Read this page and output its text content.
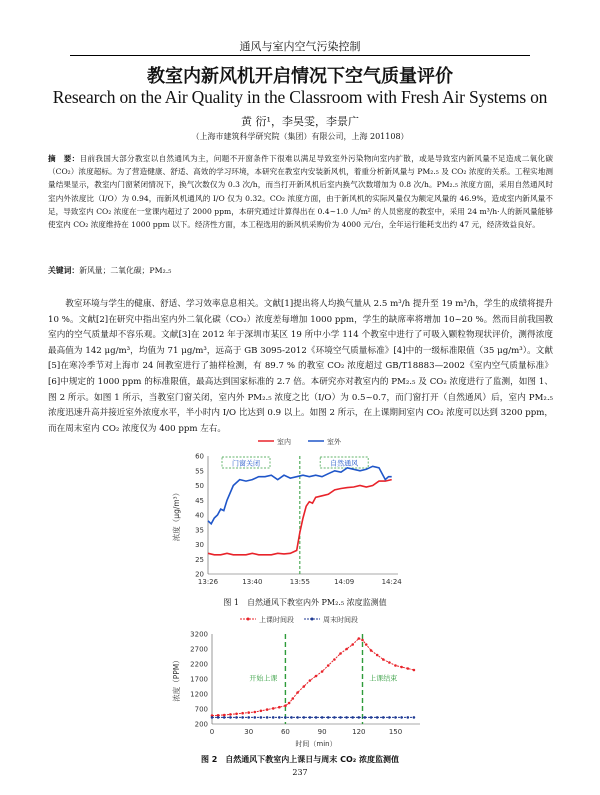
通风与室内空气污染控制
教室内新风机开启情况下空气质量评价
Research on the Air Quality in the Classroom with Fresh Air Systems on
黄 衍¹，李昊雯，李景广
（上海市建筑科学研究院（集团）有限公司，上海 201108）
摘　要：目前我国大部分教室以自然通风为主，问题不开窗条件下很难以满足导致室外污染物向室内扩散，或是导致室内新风量不足造成二氧化碳（CO₂）浓度超标。为了营造健康、舒适、高效的学习环境，本研究在教室内安装新风机，着重分析新风量与 PM₂.₅ 及 CO₂ 浓度的关系。工程实地测量结果显示，教室内门窗紧闭情况下，换气次数仅为 0.3 次/h，而当打开新风机后室内换气次数增加为 0.8 次/h。PM₂.₅ 浓度方面，采用自然通风时室内外浓度比（I/O）为 0.94，而新风机通风的 I/O 仅为 0.32。CO₂ 浓度方面，由于新风机的实际风量仅为额定风量的 46.9%，造成室内新风量不足，导致室内 CO₂ 浓度在一堂课内超过了 2000 ppm，本研究通过计算得出在 0.4~1.0 人/m² 的人员密度的教室中，采用 24 m³/h·人的新风量能够使室内 CO₂ 浓度维持在 1000 ppm 以下。经济性方面，本工程选用的新风机采购价为 4000 元/台，全年运行能耗支出约 47 元，经济效益良好。
关键词：新风量；二氧化碳；PM₂.₅
教室环境与学生的健康、舒适、学习效率息息相关。文献[1]提出将人均换气量从 2.5 m³/h 提升至 19 m³/h，学生的成绩将提升 10 %。文献[2]在研究中指出室内外二氧化碳（CO₂）浓度差每增加 1000 ppm，学生的缺席率将增加 10~20 %。然而目前我国教室内的空气质量却不容乐观。文献[3]在 2012 年于深圳市某区 19 所中小学 114 个教室中进行了可吸入颗粒物现状评价，测得浓度最高值为 142 μg/m³，均值为 71 μg/m³，远高于 GB 3095-2012《环境空气质量标准》[4]中的一级标准限值（35 μg/m³）。文献[5]在寒冷季节对上海市 24 间教室进行了抽样检测，有 89.7 % 的教室 CO₂ 浓度超过 GB/T18883—2002《室内空气质量标准》[6]中规定的 1000 ppm 的标准限值，最高达到国家标准的 2.7 倍。本研究亦对教室内的 PM₂.₅ 及 CO₂ 浓度进行了监测，如图 1、图 2 所示。如图 1 所示，当教室门窗关闭，室内外 PM₂.₅ 浓度之比（I/O）为 0.5~0.7，而门窗打开（自然通风）后，室内 PM₂.₅ 浓度迅速升高并接近室外浓度水平，半小时内 I/O 比达到 0.9 以上。如图 2 所示，在上课期间室内 CO₂ 浓度可以达到 3200 ppm，而在周末室内 CO₂ 浓度仅为 400 ppm 左右。
室内	室外
20
25
30
35
40
45
50
55
60
13:26	13:40	13:55	14:09	14:24
浓度（μg/m³）
门窗关闭	自然通风
图 1　自然通风下教室内外 PM₂.₅ 浓度监测值
上课时间段	周末时间段
200
700
1200
1700
2200
2700
3200
0	30	60	90	120	150
时间（min）
浓度（PPM）	开始上课	上课结束
图 2　自然通风下教室内上课日与周末 CO₂ 浓度监测值
237
